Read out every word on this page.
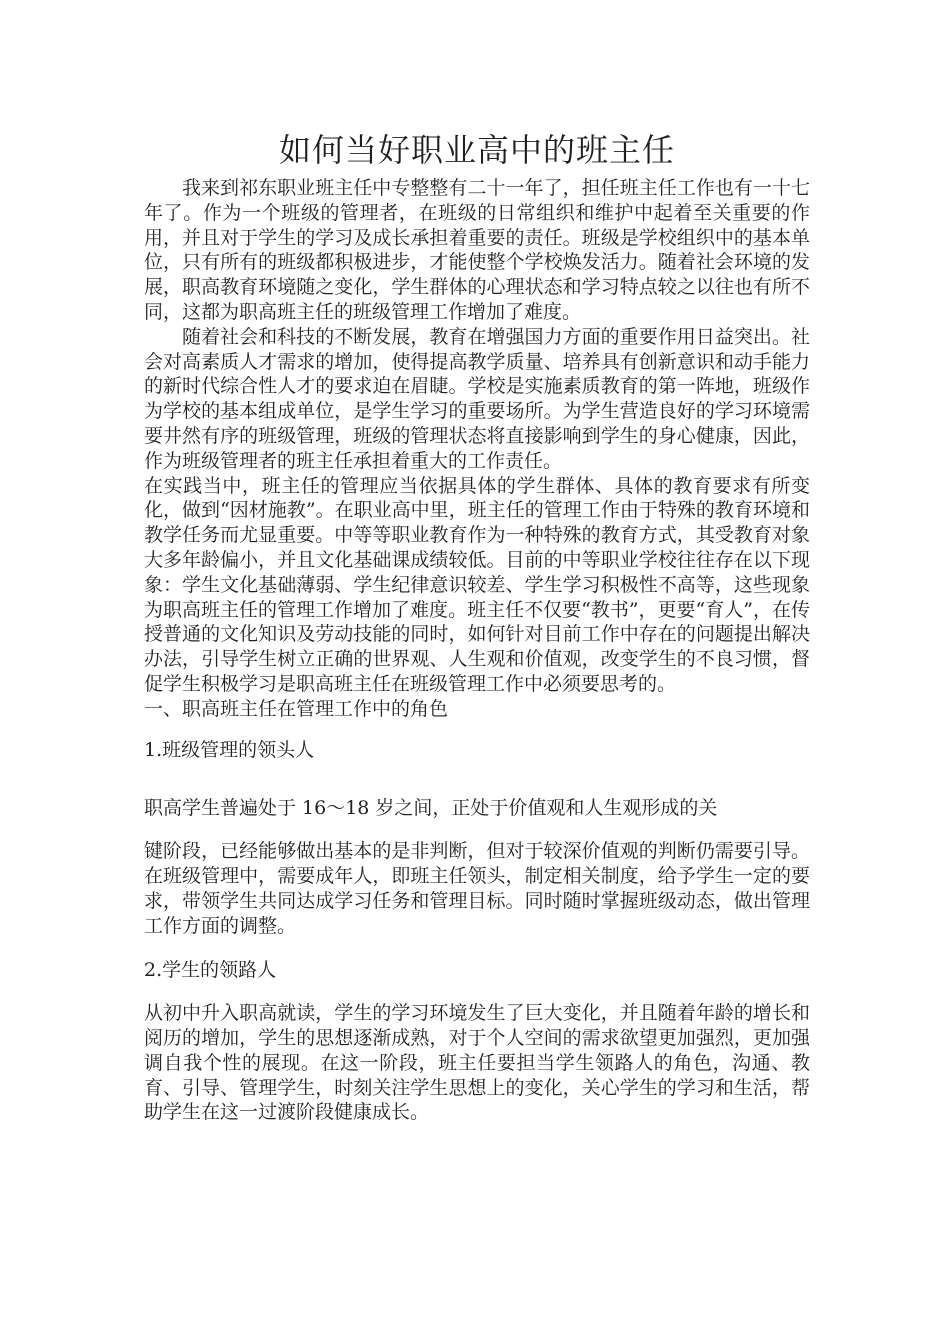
如何当好职业高中的班主任

我来到祁东职业班主任中专整整有二十一年了，担任班主任工作也有一十七年了。作为一个班级的管理者，在班级的日常组织和维护中起着至关重要的作用，并且对于学生的学习及成长承担着重要的责任。班级是学校组织中的基本单位，只有所有的班级都积极进步，才能使整个学校焕发活力。随着社会环境的发展，职高教育环境随之变化，学生群体的心理状态和学习特点较之以往也有所不同，这都为职高班主任的班级管理工作增加了难度。

随着社会和科技的不断发展，教育在增强国力方面的重要作用日益突出。社会对高素质人才需求的增加，使得提高教学质量、培养具有创新意识和动手能力的新时代综合性人才的要求迫在眉睫。学校是实施素质教育的第一阵地，班级作为学校的基本组成单位，是学生学习的重要场所。为学生营造良好的学习环境需要井然有序的班级管理，班级的管理状态将直接影响到学生的身心健康，因此，作为班级管理者的班主任承担着重大的工作责任。

在实践当中，班主任的管理应当依据具体的学生群体、具体的教育要求有所变化，做到“因材施教”。在职业高中里，班主任的管理工作由于特殊的教育环境和教学任务而尤显重要。中等等职业教育作为一种特殊的教育方式，其受教育对象大多年龄偏小，并且文化基础课成绩较低。目前的中等职业学校往往存在以下现象：学生文化基础薄弱、学生纪律意识较差、学生学习积极性不高等，这些现象为职高班主任的管理工作增加了难度。班主任不仅要“教书”，更要“育人”，在传授普通的文化知识及劳动技能的同时，如何针对目前工作中存在的问题提出解决办法，引导学生树立正确的世界观、人生观和价值观，改变学生的不良习惯，督促学生积极学习是职高班主任在班级管理工作中必须要思考的。

一、职高班主任在管理工作中的角色

1.班级管理的领头人

职高学生普遍处于 16～18 岁之间，正处于价值观和人生观形成的关

键阶段，已经能够做出基本的是非判断，但对于较深价值观的判断仍需要引导。在班级管理中，需要成年人，即班主任领头，制定相关制度，给予学生一定的要求，带领学生共同达成学习任务和管理目标。同时随时掌握班级动态，做出管理工作方面的调整。

2.学生的领路人

从初中升入职高就读，学生的学习环境发生了巨大变化，并且随着年龄的增长和阅历的增加，学生的思想逐渐成熟，对于个人空间的需求欲望更加强烈，更加强调自我个性的展现。在这一阶段，班主任要担当学生领路人的角色，沟通、教育、引导、管理学生，时刻关注学生思想上的变化，关心学生的学习和生活，帮助学生在这一过渡阶段健康成长。
